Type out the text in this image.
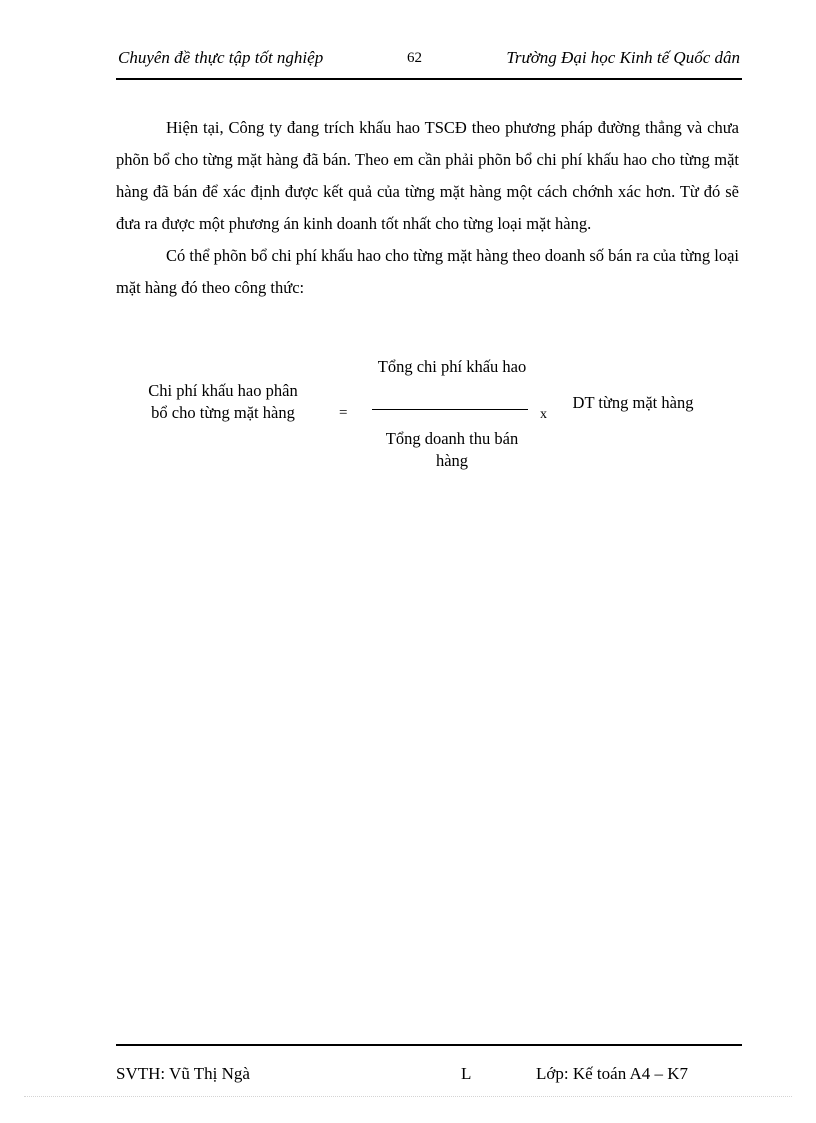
Chuyên đề thực tập tốt nghiệp	62	Trường Đại học Kinh tế Quốc dân

Hiện tại, Công ty đang trích khấu hao TSCĐ theo phương pháp đường thẳng và chưa phõn bổ cho từng mặt hàng đã bán. Theo em cần phải phõn bổ chi phí khấu hao cho từng mặt hàng đã bán để xác định được kết quả của từng mặt hàng một cách chớnh xác hơn. Từ đó sẽ đưa ra được một phương án kinh doanh tốt nhất cho từng loại mặt hàng.

Có thể phõn bổ chi phí khấu hao cho từng mặt hàng theo doanh số bán ra của từng loại mặt hàng đó theo công thức:

Chi phí khấu hao phân bổ cho từng mặt hàng	=
Tổng chi phí khấu hao
Tổng doanh thu bán hàng
x
DT từng mặt hàng
SVTH: Vũ Thị Ngà	L	Lớp: Kế toán A4 – K7
